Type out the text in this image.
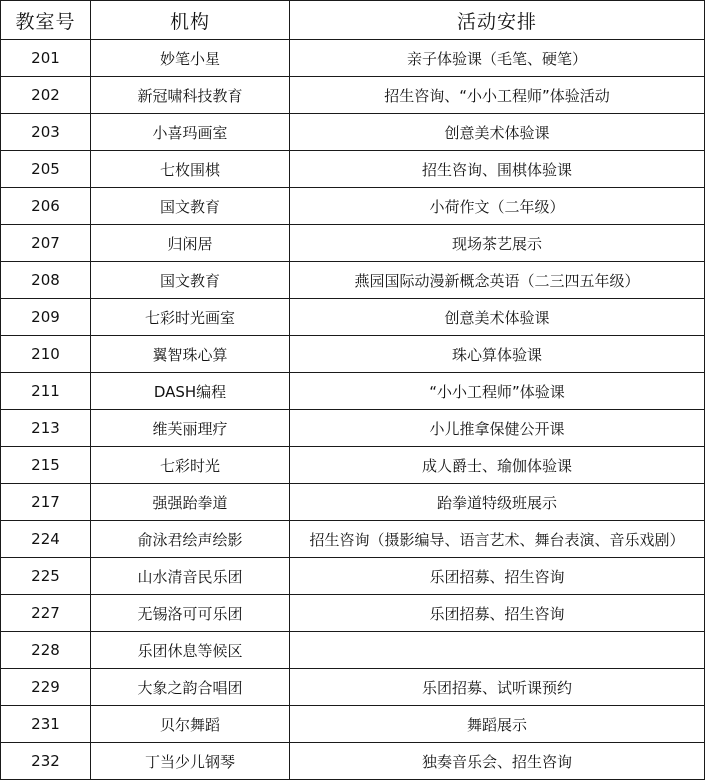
教室号	机构	活动安排
201	妙笔小星	亲子体验课（毛笔、硬笔）
202	新冠啸科技教育	招生咨询、“小小工程师”体验活动
203	小喜玛画室	创意美术体验课
205	七枚围棋	招生咨询、围棋体验课
206	国文教育	小荷作文（二年级）
207	归闲居	现场茶艺展示
208	国文教育	燕园国际动漫新概念英语（二三四五年级）
209	七彩时光画室	创意美术体验课
210	翼智珠心算	珠心算体验课
211	DASH编程	“小小工程师”体验课
213	维芙丽理疗	小儿推拿保健公开课
215	七彩时光	成人爵士、瑜伽体验课
217	强强跆拳道	跆拳道特级班展示
224	俞泳君绘声绘影	招生咨询（摄影编导、语言艺术、舞台表演、音乐戏剧）
225	山水清音民乐团	乐团招募、招生咨询
227	无锡洛可可乐团	乐团招募、招生咨询
228	乐团休息等候区	
229	大象之韵合唱团	乐团招募、试听课预约
231	贝尔舞蹈	舞蹈展示
232	丁当少儿钢琴	独奏音乐会、招生咨询
